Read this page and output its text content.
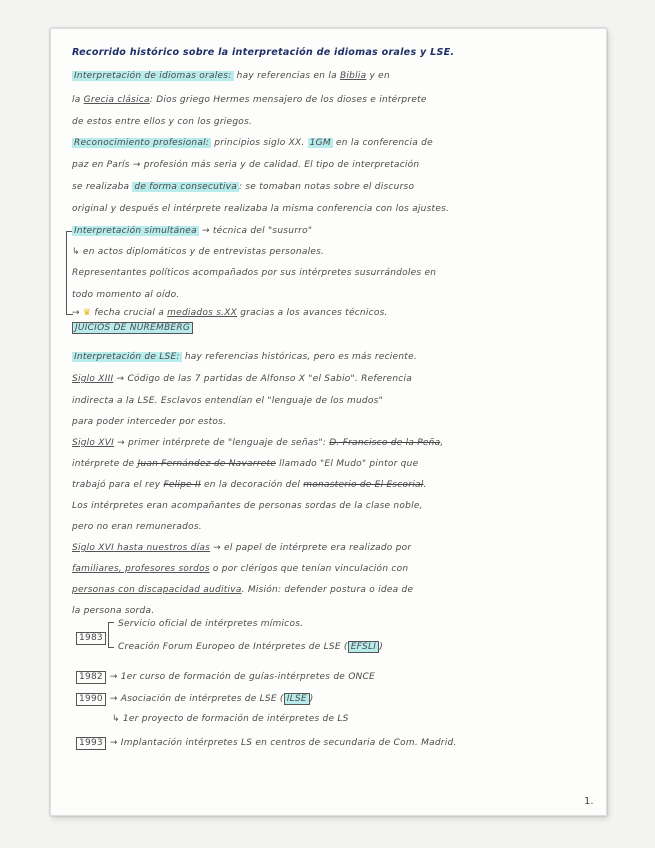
Recorrido histórico sobre la interpretación de idiomas orales y LSE.
Interpretación de idiomas orales: hay referencias en la Biblia y en
la Grecia clásica: Dios griego Hermes mensajero de los dioses e intérprete
de estos entre ellos y con los griegos.
Reconocimiento profesional: principios siglo XX. 1GM en la conferencia de
paz en París → profesión más seria y de calidad. El tipo de interpretación
se realizaba de forma consecutiva : se tomaban notas sobre el discurso
original y después el intérprete realizaba la misma conferencia con los ajustes.
Interpretación simultánea → técnica del "susurro"
↳ en actos diplomáticos y de entrevistas personales.
Representantes políticos acompañados por sus intérpretes susurrándoles en
todo momento al oído.
→ ♛ fecha crucial a mediados s.XX gracias a los avances técnicos.
JUICIOS DE NUREMBERG
Interpretación de LSE: hay referencias históricas, pero es más reciente.
Siglo XIII → Código de las 7 partidas de Alfonso X "el Sabio". Referencia
indirecta a la LSE. Esclavos entendían el "lenguaje de los mudos"
para poder interceder por estos.
Siglo XVI → primer intérprete de "lenguaje de señas": D. Francisco de la Peña,
intérprete de Juan Fernández de Navarrete llamado "El Mudo" pintor que
trabajó para el rey Felipe II en la decoración del monasterio de El Escorial.
Los intérpretes eran acompañantes de personas sordas de la clase noble,
pero no eran remunerados.
Siglo XVI hasta nuestros días → el papel de intérprete era realizado por
familiares, profesores sordos o por clérigos que tenían vinculación con
personas con discapacidad auditiva. Misión: defender postura o idea de
la persona sorda.
1983
Servicio oficial de intérpretes mímicos.
Creación Forum Europeo de Intérpretes de LSE ( EFSLI )
1982 → 1er curso de formación de guías-intérpretes de ONCE
1990 → Asociación de intérpretes de LSE ( ILSE )
↳ 1er proyecto de formación de intérpretes de LS
1993 → Implantación intérpretes LS en centros de secundaria de Com. Madrid.
1.
